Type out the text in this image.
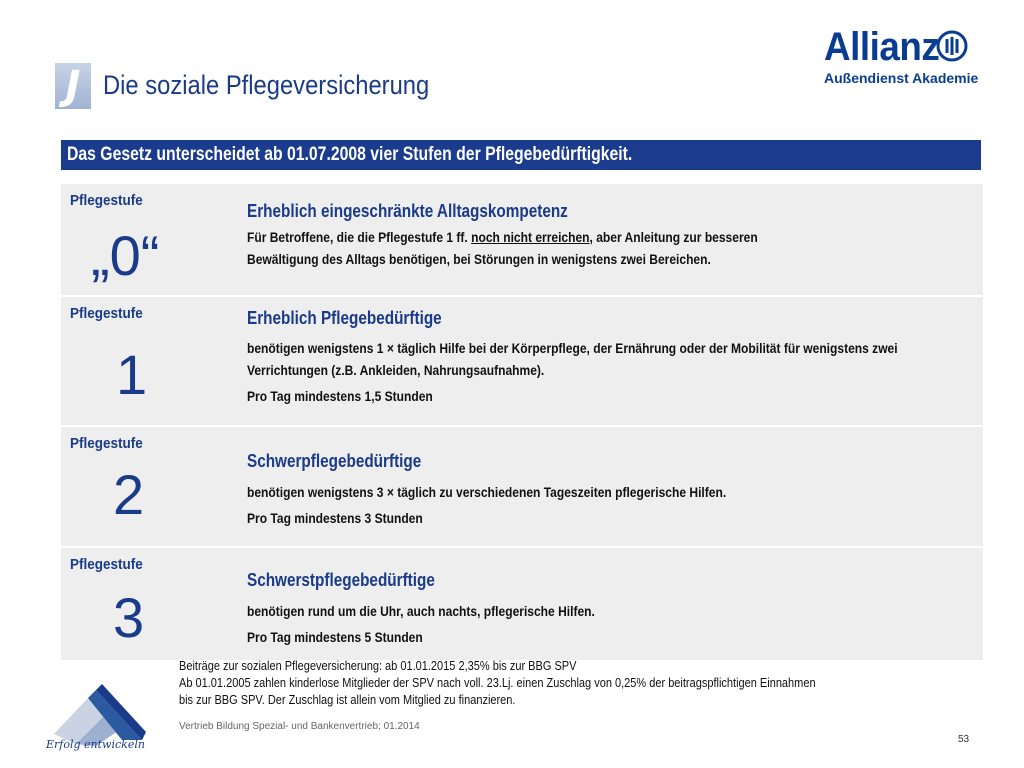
J Die soziale Pflegeversicherung
Allianz
Außendienst Akademie
Das Gesetz unterscheidet ab 01.07.2008 vier Stufen der Pflegebedürftigkeit.
Pflegestufe
„0“
Erheblich eingeschränkte Alltagskompetenz
Für Betroffene, die die Pflegestufe 1 ff. noch nicht erreichen, aber Anleitung zur besseren
Bewältigung des Alltags benötigen, bei Störungen in wenigstens zwei Bereichen.
Pflegestufe
1
Erheblich Pflegebedürftige
benötigen wenigstens 1 × täglich Hilfe bei der Körperpflege, der Ernährung oder der Mobilität für wenigstens zwei
Verrichtungen (z.B. Ankleiden, Nahrungsaufnahme).
Pro Tag mindestens 1,5 Stunden
Pflegestufe
2
Schwerpflegebedürftige
benötigen wenigstens 3 × täglich zu verschiedenen Tageszeiten pflegerische Hilfen.
Pro Tag mindestens 3 Stunden
Pflegestufe
3
Schwerstpflegebedürftige
benötigen rund um die Uhr, auch nachts, pflegerische Hilfen.
Pro Tag mindestens 5 Stunden
Beiträge zur sozialen Pflegeversicherung: ab 01.01.2015 2,35% bis zur BBG SPV
Ab 01.01.2005 zahlen kinderlose Mitglieder der SPV nach voll. 23.Lj. einen Zuschlag von 0,25% der beitragspflichtigen Einnahmen
bis zur BBG SPV. Der Zuschlag ist allein vom Mitglied zu finanzieren.
Erfolg entwickeln
Vertrieb Bildung Spezial- und Bankenvertrieb; 01.2014
53
